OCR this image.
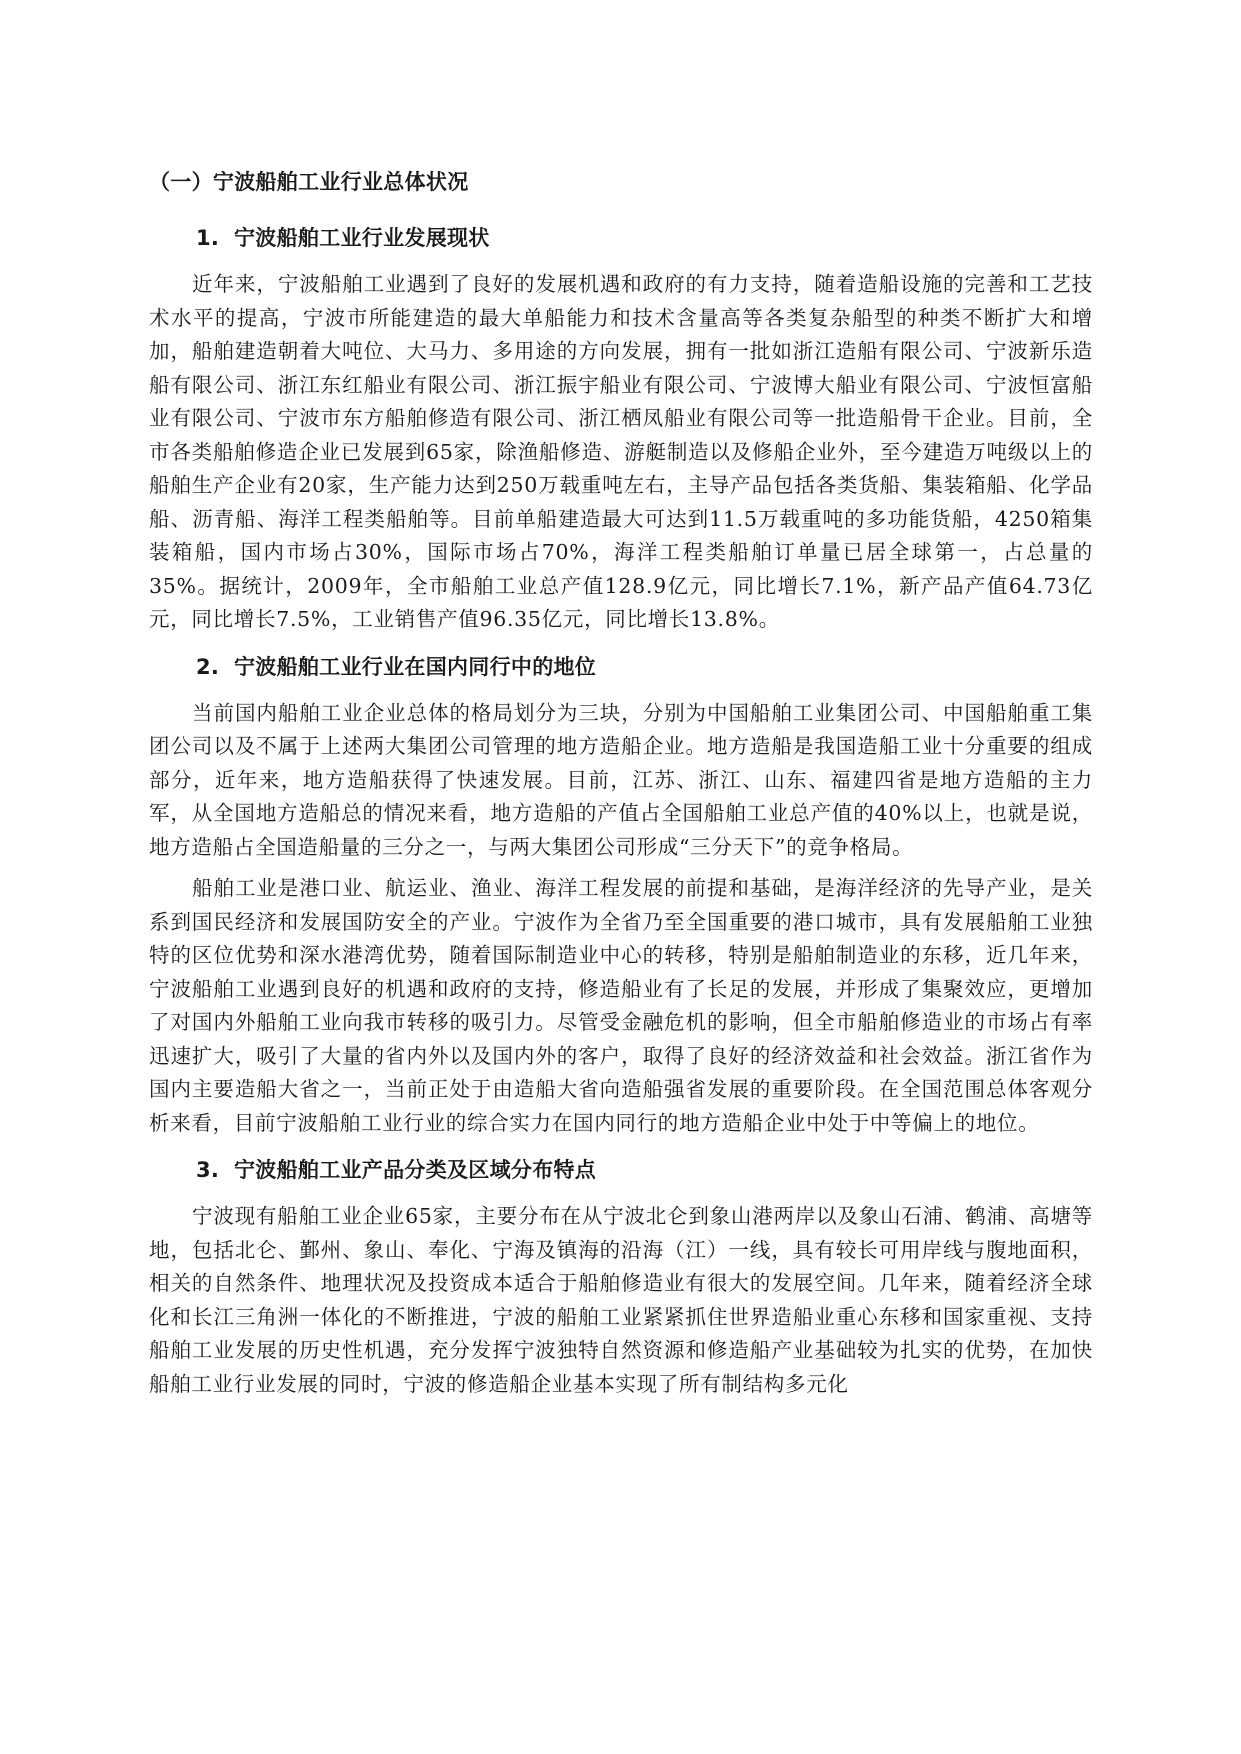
（一）宁波船舶工业行业总体状况
1. 宁波船舶工业行业发展现状

近年来，宁波船舶工业遇到了良好的发展机遇和政府的有力支持，随着造船设施的完善和工艺技术水平的提高，宁波市所能建造的最大单船能力和技术含量高等各类复杂船型的种类不断扩大和增加，船舶建造朝着大吨位、大马力、多用途的方向发展，拥有一批如浙江造船有限公司、宁波新乐造船有限公司、浙江东红船业有限公司、浙江振宇船业有限公司、宁波博大船业有限公司、宁波恒富船业有限公司、宁波市东方船舶修造有限公司、浙江栖凤船业有限公司等一批造船骨干企业。目前，全市各类船舶修造企业已发展到65家，除渔船修造、游艇制造以及修船企业外，至今建造万吨级以上的船舶生产企业有20家，生产能力达到250万载重吨左右，主导产品包括各类货船、集装箱船、化学品船、沥青船、海洋工程类船舶等。目前单船建造最大可达到11.5万载重吨的多功能货船，4250箱集装箱船，国内市场占30%，国际市场占70%，海洋工程类船舶订单量已居全球第一，占总量的35%。据统计，2009年，全市船舶工业总产值128.9亿元，同比增长7.1%，新产品产值64.73亿元，同比增长7.5%，工业销售产值96.35亿元，同比增长13.8%。

2. 宁波船舶工业行业在国内同行中的地位

当前国内船舶工业企业总体的格局划分为三块，分别为中国船舶工业集团公司、中国船舶重工集团公司以及不属于上述两大集团公司管理的地方造船企业。地方造船是我国造船工业十分重要的组成部分，近年来，地方造船获得了快速发展。目前，江苏、浙江、山东、福建四省是地方造船的主力军，从全国地方造船总的情况来看，地方造船的产值占全国船舶工业总产值的40%以上，也就是说，地方造船占全国造船量的三分之一，与两大集团公司形成“三分天下”的竞争格局。

船舶工业是港口业、航运业、渔业、海洋工程发展的前提和基础，是海洋经济的先导产业，是关系到国民经济和发展国防安全的产业。宁波作为全省乃至全国重要的港口城市，具有发展船舶工业独特的区位优势和深水港湾优势，随着国际制造业中心的转移，特别是船舶制造业的东移，近几年来，宁波船舶工业遇到良好的机遇和政府的支持，修造船业有了长足的发展，并形成了集聚效应，更增加了对国内外船舶工业向我市转移的吸引力。尽管受金融危机的影响，但全市船舶修造业的市场占有率迅速扩大，吸引了大量的省内外以及国内外的客户，取得了良好的经济效益和社会效益。浙江省作为国内主要造船大省之一，当前正处于由造船大省向造船强省发展的重要阶段。在全国范围总体客观分析来看，目前宁波船舶工业行业的综合实力在国内同行的地方造船企业中处于中等偏上的地位。

3. 宁波船舶工业产品分类及区域分布特点

宁波现有船舶工业企业65家，主要分布在从宁波北仑到象山港两岸以及象山石浦、鹤浦、高塘等地，包括北仑、鄞州、象山、奉化、宁海及镇海的沿海（江）一线，具有较长可用岸线与腹地面积，相关的自然条件、地理状况及投资成本适合于船舶修造业有很大的发展空间。几年来，随着经济全球化和长江三角洲一体化的不断推进，宁波的船舶工业紧紧抓住世界造船业重心东移和国家重视、支持船舶工业发展的历史性机遇，充分发挥宁波独特自然资源和修造船产业基础较为扎实的优势，在加快船舶工业行业发展的同时，宁波的修造船企业基本实现了所有制结构多元化
